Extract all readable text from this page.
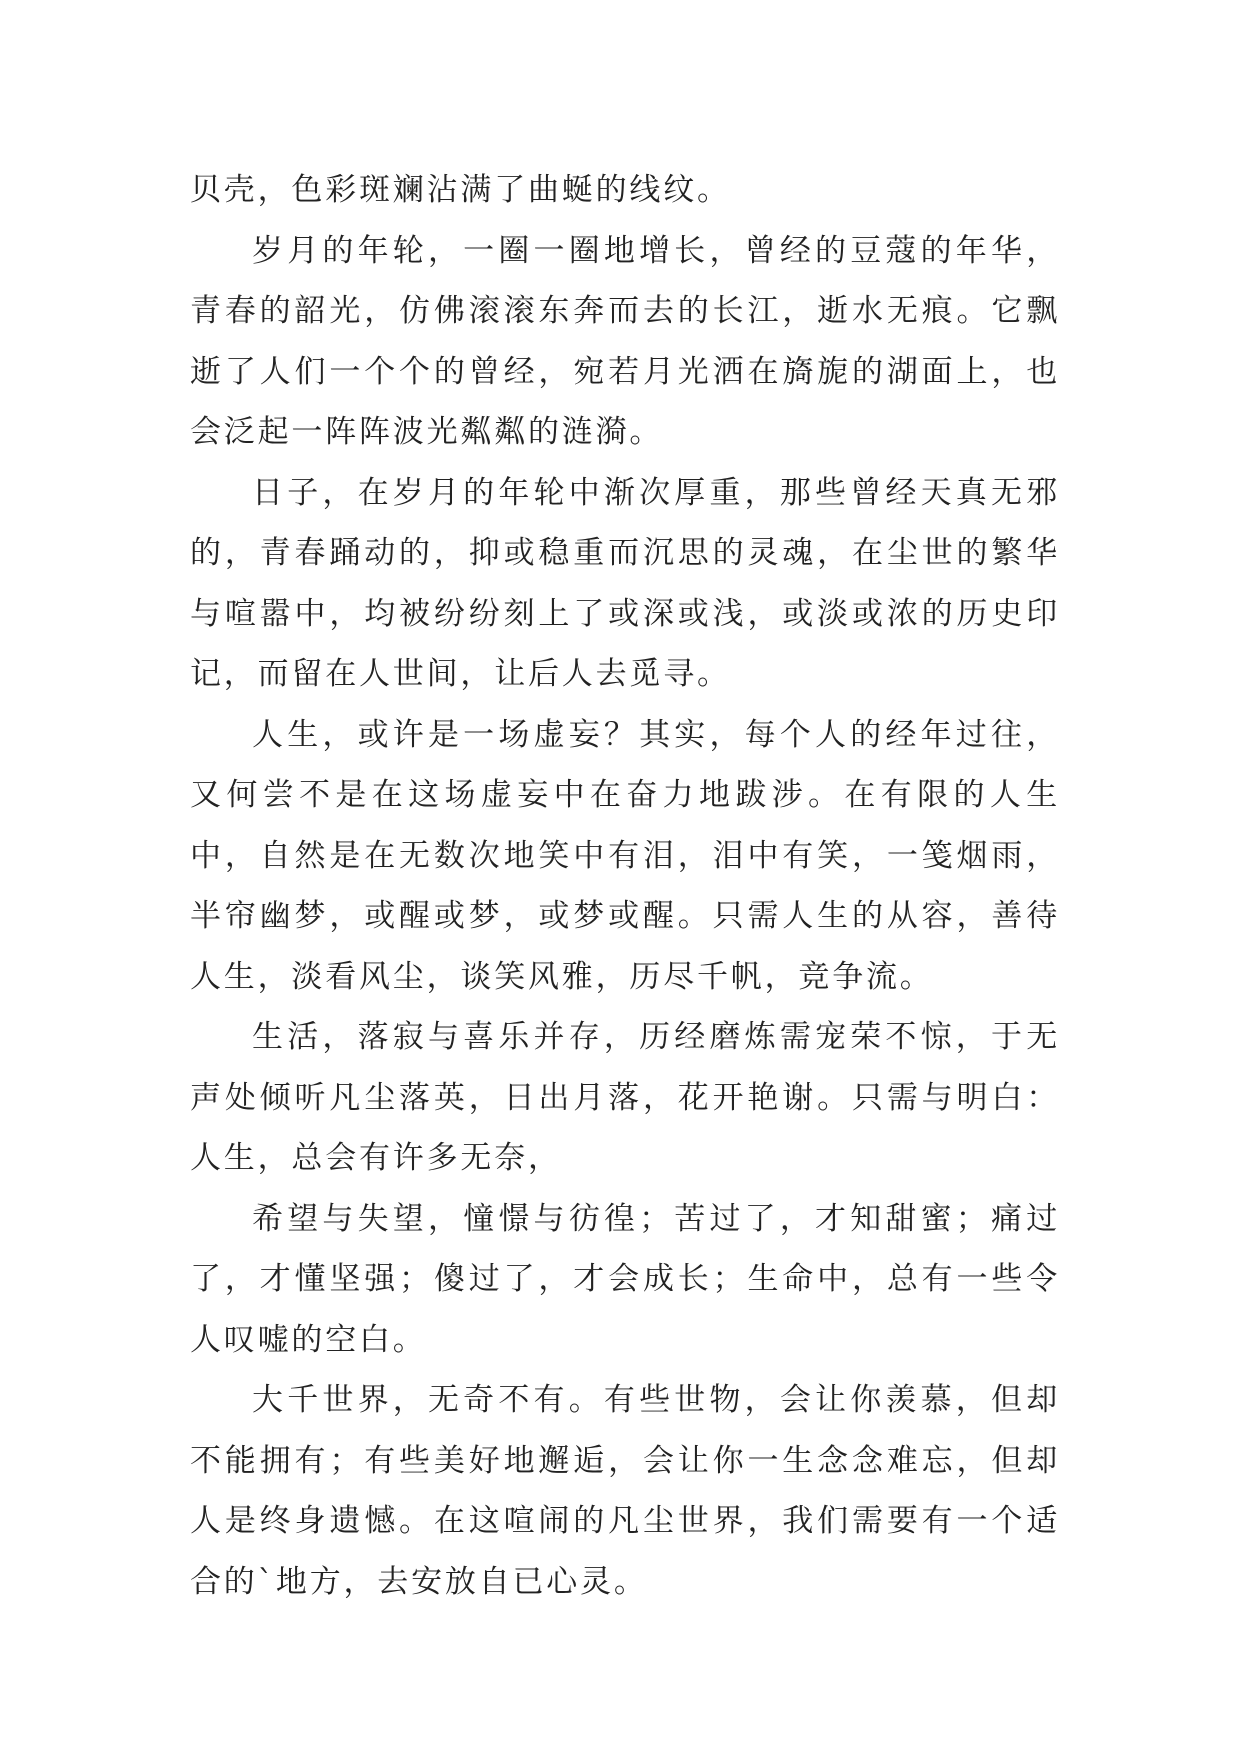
贝壳，色彩斑斓沾满了曲蜒的线纹。

岁月的年轮，一圈一圈地增长，曾经的豆蔻的年华，青春的韶光，仿佛滚滚东奔而去的长江，逝水无痕。它飘逝了人们一个个的曾经，宛若月光洒在旖旎的湖面上，也会泛起一阵阵波光粼粼的涟漪。

日子，在岁月的年轮中渐次厚重，那些曾经天真无邪的，青春踊动的，抑或稳重而沉思的灵魂，在尘世的繁华与喧嚣中，均被纷纷刻上了或深或浅，或淡或浓的历史印记，而留在人世间，让后人去觅寻。

人生，或许是一场虚妄？其实，每个人的经年过往，又何尝不是在这场虚妄中在奋力地跋涉。在有限的人生中，自然是在无数次地笑中有泪，泪中有笑，一笺烟雨，半帘幽梦，或醒或梦，或梦或醒。只需人生的从容，善待人生，淡看风尘，谈笑风雅，历尽千帆，竞争流。

生活，落寂与喜乐并存，历经磨炼需宠荣不惊，于无声处倾听凡尘落英，日出月落，花开艳谢。只需与明白：人生，总会有许多无奈，

希望与失望，憧憬与彷徨；苦过了，才知甜蜜；痛过了，才懂坚强；傻过了，才会成长；生命中，总有一些令人叹嘘的空白。

大千世界，无奇不有。有些世物，会让你羡慕，但却不能拥有；有些美好地邂逅，会让你一生念念难忘，但却人是终身遗憾。在这喧闹的凡尘世界，我们需要有一个适合的`地方，去安放自已心灵。
